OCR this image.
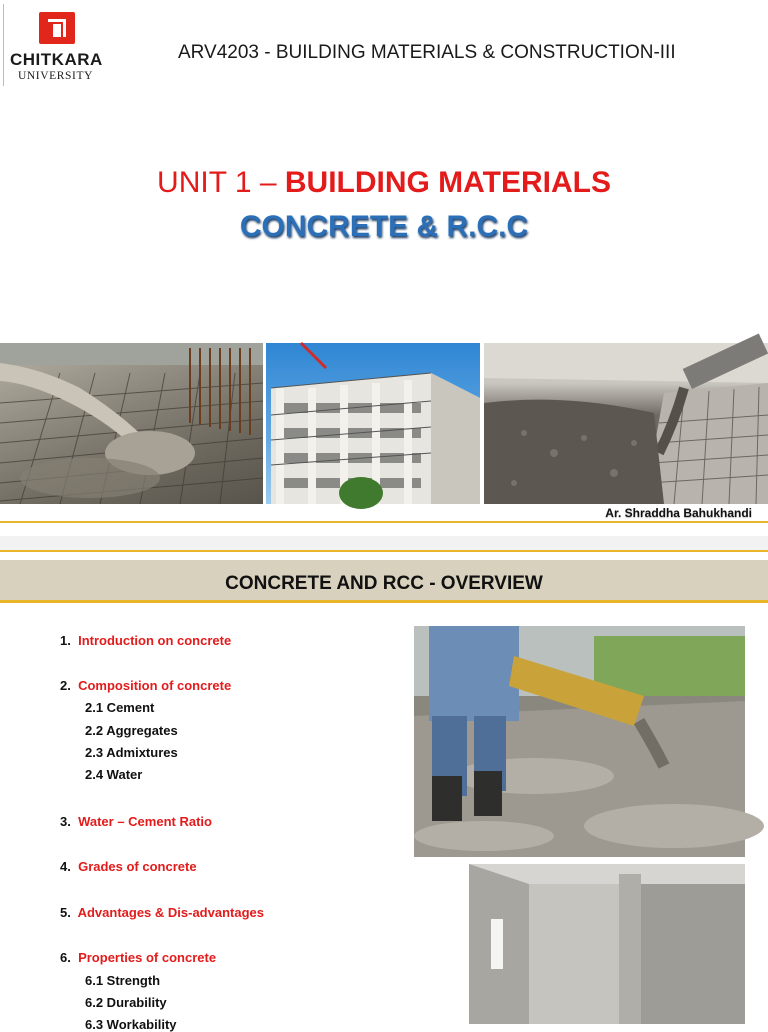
CHITKARA
UNIVERSITY
ARV4203 - BUILDING MATERIALS & CONSTRUCTION-III
UNIT 1 – BUILDING MATERIALS
CONCRETE & R.C.C
Ar. Shraddha Bahukhandi
CONCRETE AND RCC - OVERVIEW
1. Introduction on concrete
2. Composition of concrete
2.1 Cement
2.2 Aggregates
2.3 Admixtures
2.4 Water
3. Water – Cement Ratio
4. Grades of concrete
5. Advantages & Dis-advantages
6. Properties of concrete
6.1 Strength
6.2 Durability
6.3 Workability
